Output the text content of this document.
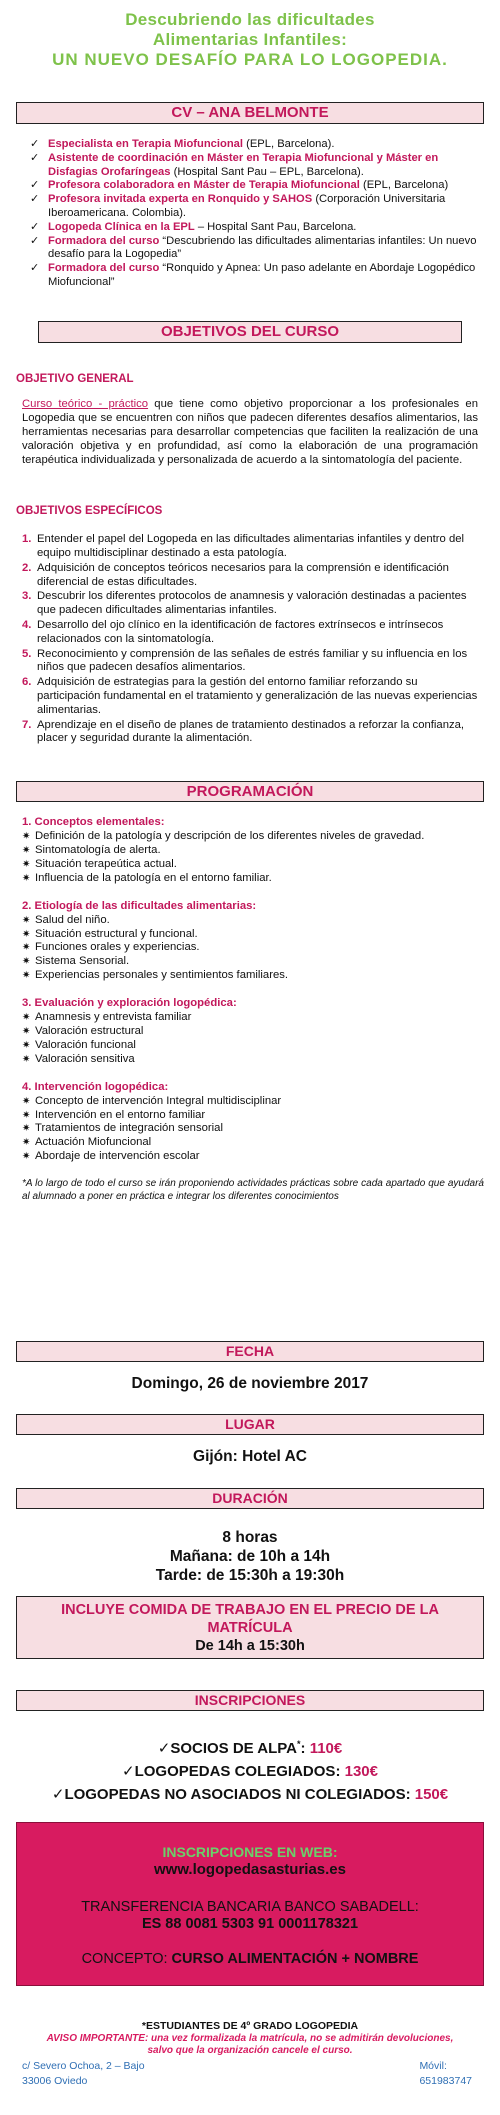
Descubriendo las dificultades
Alimentarias Infantiles:
UN NUEVO DESAFÍO PARA LO LOGOPEDIA.
CV – ANA BELMONTE
✓ Especialista en Terapia Miofuncional (EPL, Barcelona).
✓ Asistente de coordinación en Máster en Terapia Miofuncional y Máster en Disfagias Orofaríngeas (Hospital Sant Pau – EPL, Barcelona).
✓ Profesora colaboradora en Máster de Terapia Miofuncional (EPL, Barcelona)
✓ Profesora invitada experta en Ronquido y SAHOS (Corporación Universitaria Iberoamericana. Colombia).
✓ Logopeda Clínica en la EPL – Hospital Sant Pau, Barcelona.
✓ Formadora del curso “Descubriendo las dificultades alimentarias infantiles: Un nuevo desafío para la Logopedia”
✓ Formadora del curso “Ronquido y Apnea: Un paso adelante en Abordaje Logopédico Miofuncional”
OBJETIVOS DEL CURSO
OBJETIVO GENERAL
Curso teórico - práctico que tiene como objetivo proporcionar a los profesionales en Logopedia que se encuentren con niños que padecen diferentes desafíos alimentarios, las herramientas necesarias para desarrollar competencias que faciliten la realización de una valoración objetiva y en profundidad, así como la elaboración de una programación terapéutica individualizada y personalizada de acuerdo a la sintomatología del paciente.
OBJETIVOS ESPECÍFICOS
1. Entender el papel del Logopeda en las dificultades alimentarias infantiles y dentro del equipo multidisciplinar destinado a esta patología.
2. Adquisición de conceptos teóricos necesarios para la comprensión e identificación diferencial de estas dificultades.
3. Descubrir los diferentes protocolos de anamnesis y valoración destinadas a pacientes que padecen dificultades alimentarias infantiles.
4. Desarrollo del ojo clínico en la identificación de factores extrínsecos e intrínsecos relacionados con la sintomatología.
5. Reconocimiento y comprensión de las señales de estrés familiar y su influencia en los niños que padecen desafíos alimentarios.
6. Adquisición de estrategias para la gestión del entorno familiar reforzando su participación fundamental en el tratamiento y generalización de las nuevas experiencias alimentarias.
7. Aprendizaje en el diseño de planes de tratamiento destinados a reforzar la confianza, placer y seguridad durante la alimentación.
PROGRAMACIÓN
1. Conceptos elementales:
✷ Definición de la patología y descripción de los diferentes niveles de gravedad.
✷ Sintomatología de alerta.
✷ Situación terapeútica actual.
✷ Influencia de la patología en el entorno familiar.
2. Etiología de las dificultades alimentarias:
✷ Salud del niño.
✷ Situación estructural y funcional.
✷ Funciones orales y experiencias.
✷ Sistema Sensorial.
✷ Experiencias personales y sentimientos familiares.
3. Evaluación y exploración logopédica:
✷ Anamnesis y entrevista familiar
✷ Valoración estructural
✷ Valoración funcional
✷ Valoración sensitiva
4. Intervención logopédica:
✷ Concepto de intervención Integral multidisciplinar
✷ Intervención en el entorno familiar
✷ Tratamientos de integración sensorial
✷ Actuación Miofuncional
✷ Abordaje de intervención escolar
*A lo largo de todo el curso se irán proponiendo actividades prácticas sobre cada apartado que ayudará al alumnado a poner en práctica e integrar los diferentes conocimientos
FECHA
Domingo, 26 de noviembre 2017
LUGAR
Gijón: Hotel AC
DURACIÓN
8 horas
Mañana: de 10h a 14h
Tarde: de 15:30h a 19:30h
INCLUYE COMIDA DE TRABAJO EN EL PRECIO DE LA MATRÍCULA
De 14h a 15:30h
INSCRIPCIONES
✓SOCIOS DE ALPA*: 110€
✓LOGOPEDAS COLEGIADOS: 130€
✓LOGOPEDAS NO ASOCIADOS NI COLEGIADOS: 150€
INSCRIPCIONES EN WEB:
www.logopedasasturias.es
TRANSFERENCIA BANCARIA BANCO SABADELL:
ES 88 0081 5303 91 0001178321
CONCEPTO: CURSO ALIMENTACIÓN + NOMBRE
*ESTUDIANTES DE 4º GRADO LOGOPEDIA
AVISO IMPORTANTE: una vez formalizada la matrícula, no se admitirán devoluciones, salvo que la organización cancele el curso.
c/ Severo Ochoa, 2 – Bajo
33006 Oviedo
Móvil:
651983747
